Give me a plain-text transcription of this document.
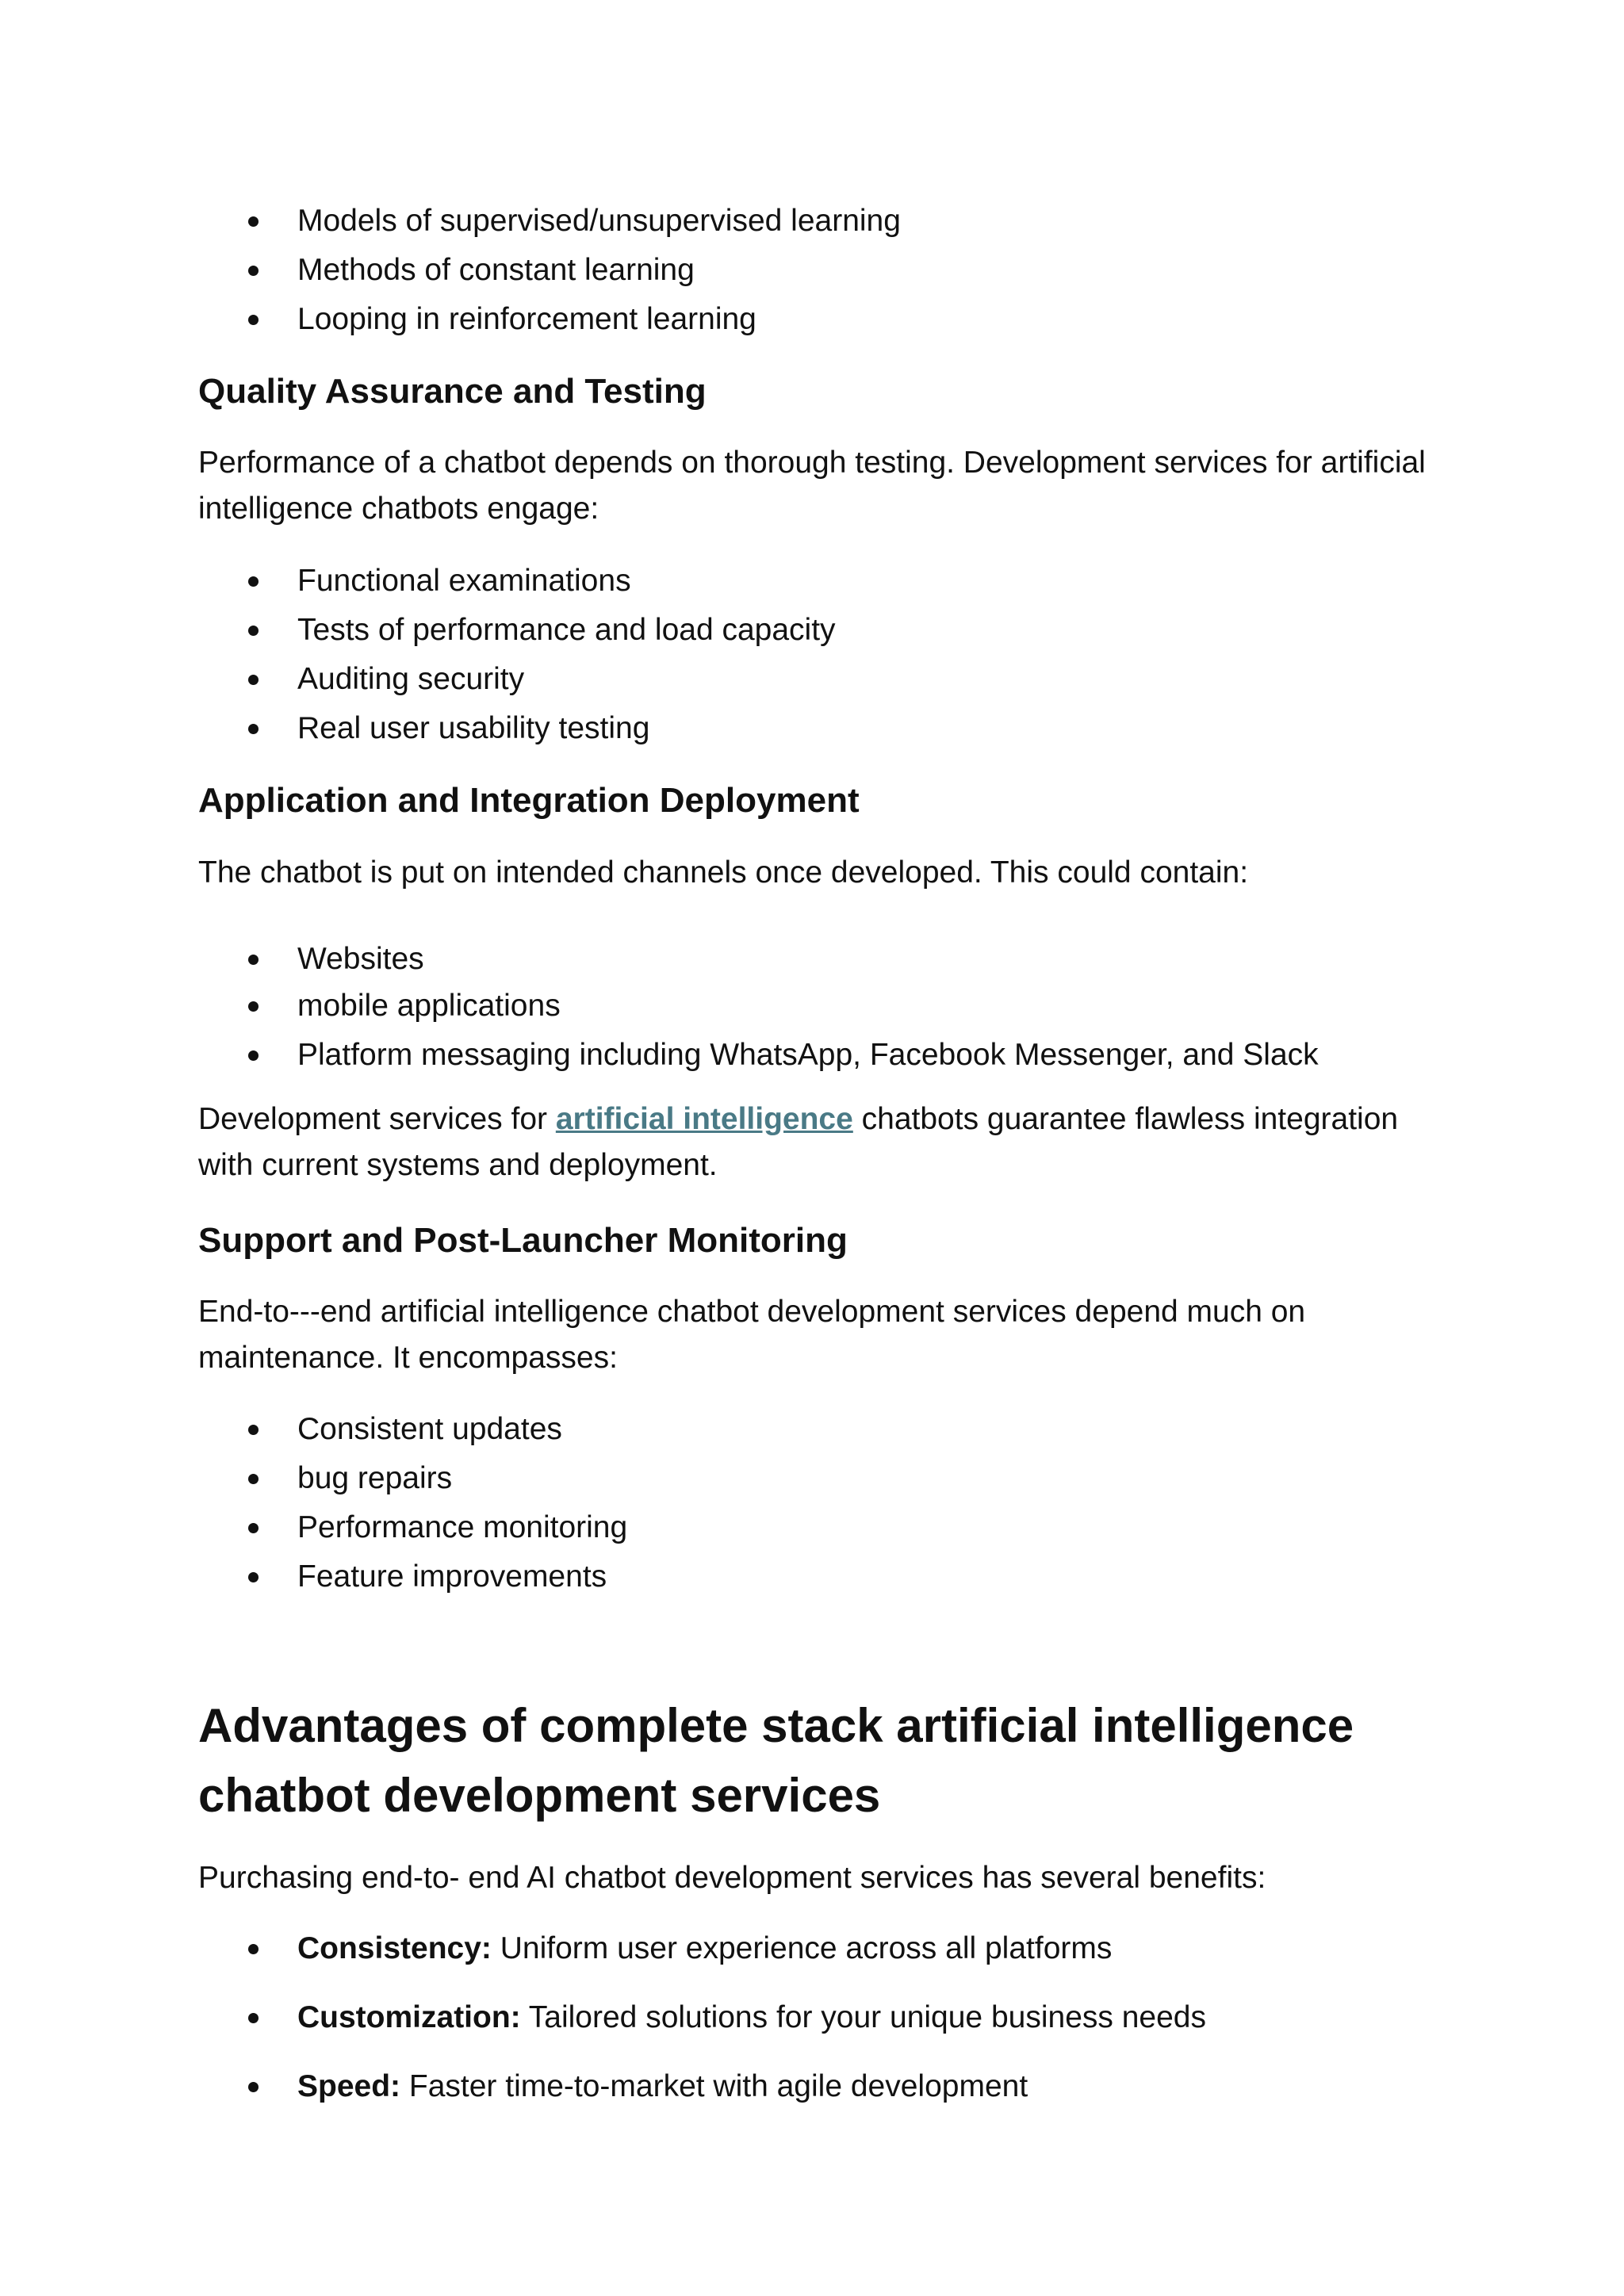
Models of supervised/unsupervised learning
Methods of constant learning
Looping in reinforcement learning
Quality Assurance and Testing

Performance of a chatbot depends on thorough testing. Development services for artificial intelligence chatbots engage:

Functional examinations
Tests of performance and load capacity
Auditing security
Real user usability testing
Application and Integration Deployment

The chatbot is put on intended channels once developed. This could contain:

Websites
mobile applications
Platform messaging including WhatsApp, Facebook Messenger, and Slack

Development services for artificial intelligence chatbots guarantee flawless integration with current systems and deployment.

Support and Post-Launcher Monitoring

End-to---end artificial intelligence chatbot development services depend much on maintenance. It encompasses:

Consistent updates
bug repairs
Performance monitoring
Feature improvements
Advantages of complete stack artificial intelligence chatbot development services

Purchasing end-to- end AI chatbot development services has several benefits:

Consistency: Uniform user experience across all platforms
Customization: Tailored solutions for your unique business needs
Speed: Faster time-to-market with agile development
